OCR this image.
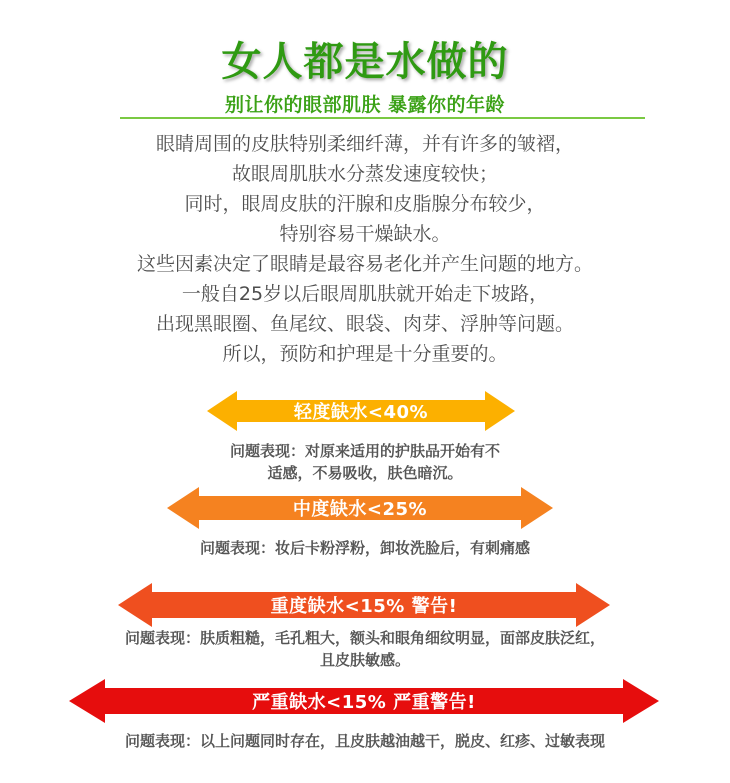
女人都是水做的
别让你的眼部肌肤 暴露你的年龄
眼睛周围的皮肤特别柔细纤薄，并有许多的皱褶，
故眼周肌肤水分蒸发速度较快；
同时，眼周皮肤的汗腺和皮脂腺分布较少，
特别容易干燥缺水。
这些因素决定了眼睛是最容易老化并产生问题的地方。
一般自25岁以后眼周肌肤就开始走下坡路，
出现黑眼圈、鱼尾纹、眼袋、肉芽、浮肿等问题。
所以，预防和护理是十分重要的。
轻度缺水<40%
问题表现：对原来适用的护肤品开始有不
适感，不易吸收，肤色暗沉。
中度缺水<25%
问题表现：妆后卡粉浮粉，卸妆洗脸后，有刺痛感
重度缺水<15% 警告!
问题表现：肤质粗糙，毛孔粗大，额头和眼角细纹明显，面部皮肤泛红，
且皮肤敏感。
严重缺水<15% 严重警告!
问题表现：以上问题同时存在，且皮肤越油越干，脱皮、红疹、过敏表现
